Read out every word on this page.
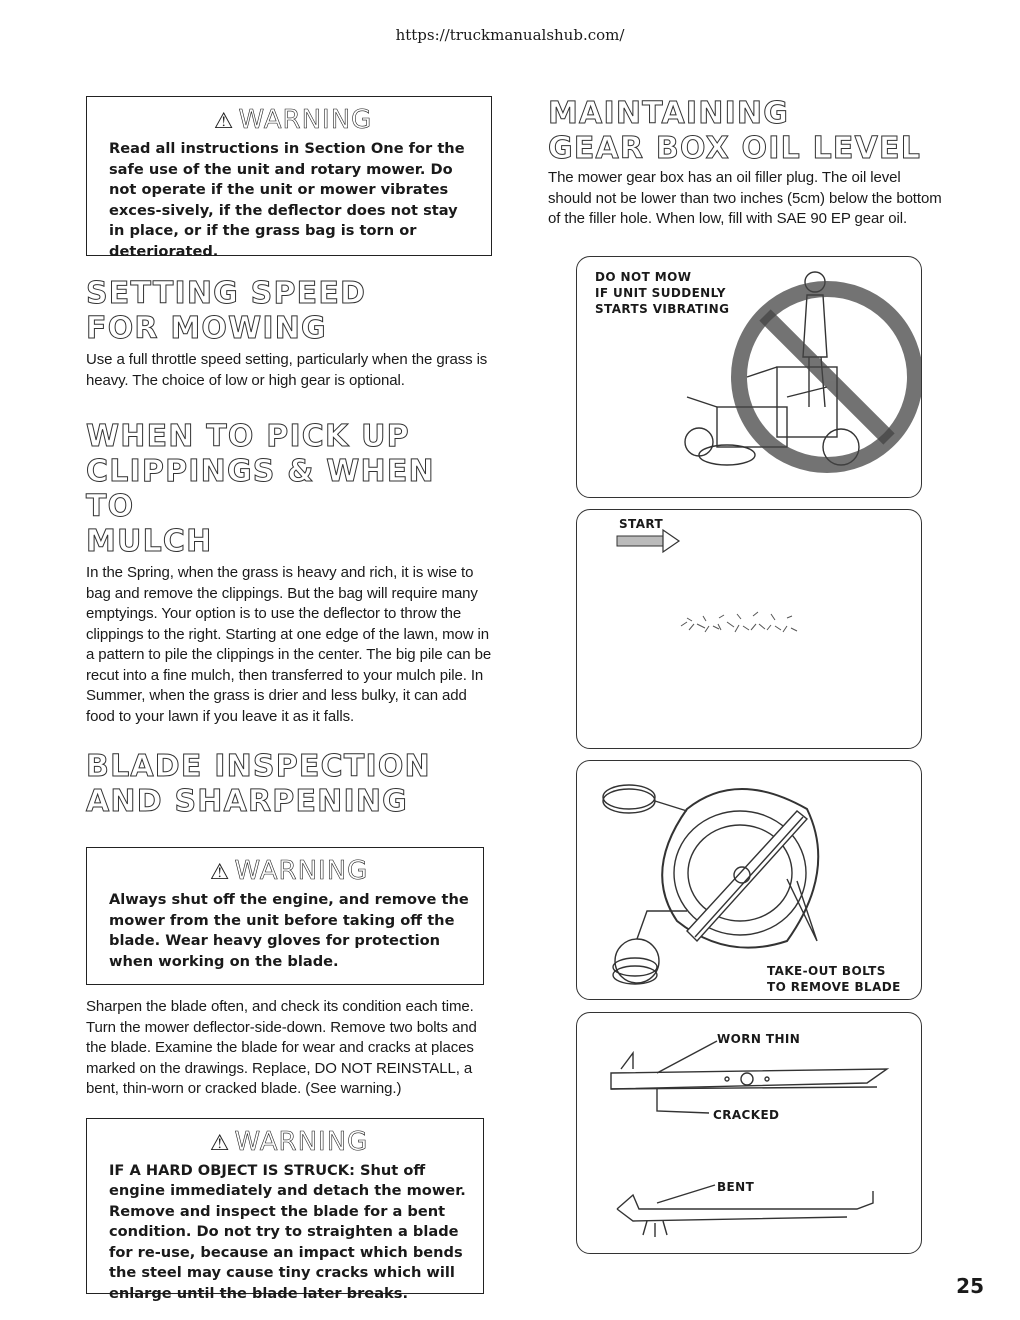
https://truckmanualshub.com/
⚠ WARNING

Read all instructions in Section One for the safe use of the unit and rotary mower. Do not operate if the unit or mower vibrates exces-sively, if the deflector does not stay in place, or if the grass bag is torn or deteriorated.

SETTING SPEED
FOR MOWING

Use a full throttle speed setting, particularly when the grass is heavy. The choice of low or high gear is optional.

WHEN TO PICK UP
CLIPPINGS & WHEN TO
MULCH

In the Spring, when the grass is heavy and rich, it is wise to bag and remove the clippings. But the bag will require many emptyings. Your option is to use the deflector to throw the clippings to the right. Starting at one edge of the lawn, mow in a pattern to pile the clippings in the center. The big pile can be recut into a fine mulch, then transferred to your mulch pile. In Summer, when the grass is drier and less bulky, it can add food to your lawn if you leave it as it falls.

BLADE INSPECTION
AND SHARPENING
⚠ WARNING

Always shut off the engine, and remove the mower from the unit before taking off the blade. Wear heavy gloves for protection when working on the blade.

Sharpen the blade often, and check its condition each time. Turn the mower deflector-side-down. Remove two bolts and the blade. Examine the blade for wear and cracks at places marked on the drawings. Replace, DO NOT REINSTALL, a bent, thin-worn or cracked blade. (See warning.)

⚠ WARNING

IF A HARD OBJECT IS STRUCK: Shut off engine immediately and detach the mower. Remove and inspect the blade for a bent condition. Do not try to straighten a blade for re-use, because an impact which bends the steel may cause tiny cracks which will enlarge until the blade later breaks.

MAINTAINING
GEAR BOX OIL LEVEL

The mower gear box has an oil filler plug. The oil level should not be lower than two inches (5cm) below the bottom of the filler hole. When low, fill with SAE 90 EP gear oil.

DO NOT MOW
IF UNIT SUDDENLY
STARTS VIBRATING
START
TAKE-OUT BOLTS
TO REMOVE BLADE
WORN THIN
CRACKED
BENT
25
